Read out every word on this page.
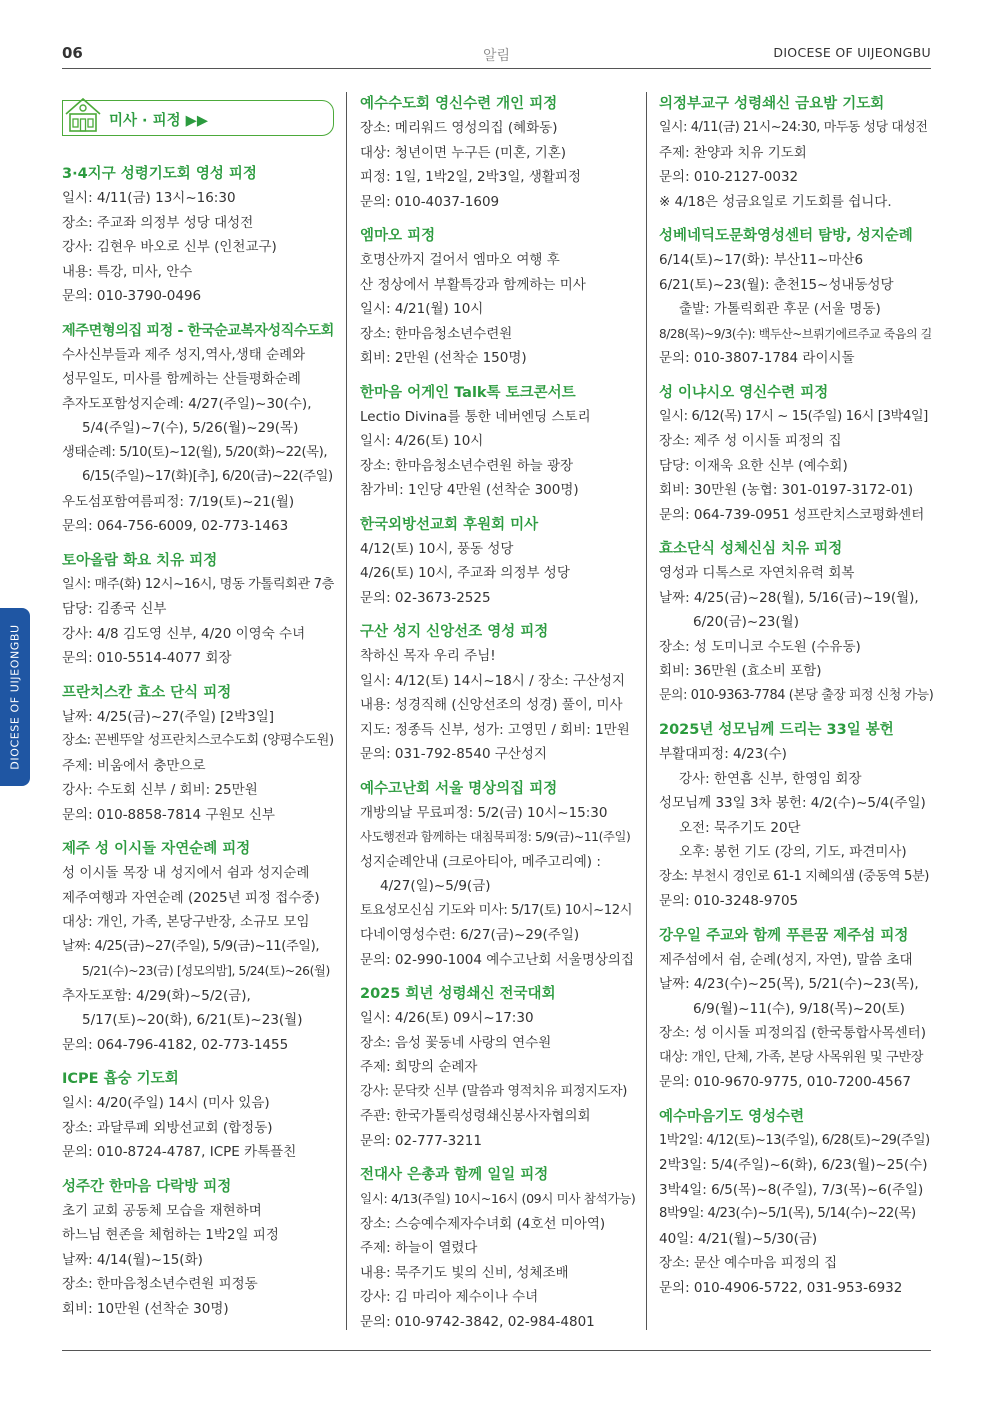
06	알림	DIOCESE OF UIJEONGBU
DIOCESE OF UIJEONGBU
미사 · 피정 ▶▶

3·4지구 성령기도회 영성 피정

일시: 4/11(금) 13시~16:30

장소: 주교좌 의정부 성당 대성전

강사: 김현우 바오로 신부 (인천교구)

내용: 특강, 미사, 안수

문의: 010-3790-0496

제주면형의집 피정 - 한국순교복자성직수도회

수사신부들과 제주 성지,역사,생태 순례와

성무일도, 미사를 함께하는 산들평화순례

추자도포함성지순례: 4/27(주일)~30(수),

5/4(주일)~7(수), 5/26(월)~29(목)

생태순례: 5/10(토)~12(월), 5/20(화)~22(목),

6/15(주일)~17(화)[추], 6/20(금)~22(주일)

우도섬포함여름피정: 7/19(토)~21(월)

문의: 064-756-6009, 02-773-1463

토아올람 화요 치유 피정

일시: 매주(화) 12시~16시, 명동 가톨릭회관 7층

담당: 김종국 신부

강사: 4/8 김도영 신부, 4/20 이영숙 수녀

문의: 010-5514-4077 회장

프란치스칸 효소 단식 피정

날짜: 4/25(금)~27(주일) [2박3일]

장소: 꼰벤뚜알 성프란치스코수도회 (양평수도원)

주제: 비움에서 충만으로

강사: 수도회 신부 / 회비: 25만원

문의: 010-8858-7814 구원모 신부

제주 성 이시돌 자연순례 피정

성 이시돌 목장 내 성지에서 쉼과 성지순례

제주여행과 자연순례 (2025년 피정 접수중)

대상: 개인, 가족, 본당구반장, 소규모 모임

날짜: 4/25(금)~27(주일), 5/9(금)~11(주일),

5/21(수)~23(금) [성모의밤], 5/24(토)~26(월)

추자도포함: 4/29(화)~5/2(금),

5/17(토)~20(화), 6/21(토)~23(월)

문의: 064-796-4182, 02-773-1455

ICPE 흡숭 기도회

일시: 4/20(주일) 14시 (미사 있음)

장소: 과달루페 외방선교회 (합정동)

문의: 010-8724-4787, ICPE 카톡플친

성주간 한마음 다락방 피정

초기 교회 공동체 모습을 재현하며

하느님 현존을 체험하는 1박2일 피정

날짜: 4/14(월)~15(화)

장소: 한마음청소년수련원 피정동

회비: 10만원 (선착순 30명)

예수수도회 영신수련 개인 피정

장소: 메리워드 영성의집 (혜화동)

대상: 청년이면 누구든 (미혼, 기혼)

피정: 1일, 1박2일, 2박3일, 생활피정

문의: 010-4037-1609

엠마오 피정

호명산까지 걸어서 엠마오 여행 후

산 정상에서 부활특강과 함께하는 미사

일시: 4/21(월) 10시

장소: 한마음청소년수련원

회비: 2만원 (선착순 150명)

한마음 어게인 Talk톡 토크콘서트

Lectio Divina를 통한 네버엔딩 스토리

일시: 4/26(토) 10시

장소: 한마음청소년수련원 하늘 광장

참가비: 1인당 4만원 (선착순 300명)

한국외방선교회 후원회 미사

4/12(토) 10시, 풍동 성당

4/26(토) 10시, 주교좌 의정부 성당

문의: 02-3673-2525

구산 성지 신앙선조 영성 피정

착하신 목자 우리 주님!

일시: 4/12(토) 14시~18시 / 장소: 구산성지

내용: 성경직해 (신앙선조의 성경) 풀이, 미사

지도: 정종득 신부, 성가: 고영민 / 회비: 1만원

문의: 031-792-8540 구산성지

예수고난회 서울 명상의집 피정

개방의날 무료피정: 5/2(금) 10시~15:30

사도행전과 함께하는 대침묵피정: 5/9(금)~11(주일)

성지순례안내 (크로아티아, 메주고리예) :

4/27(일)~5/9(금)

토요성모신심 기도와 미사: 5/17(토) 10시~12시

다네이영성수련: 6/27(금)~29(주일)

문의: 02-990-1004 예수고난회 서울명상의집

2025 희년 성령쇄신 전국대회

일시: 4/26(토) 09시~17:30

장소: 음성 꽃동네 사랑의 연수원

주제: 희망의 순례자

강사: 문닥캇 신부 (말씀과 영적치유 피정지도자)

주관: 한국가톨릭성령쇄신봉사자협의회

문의: 02-777-3211

전대사 은총과 함께 일일 피정

일시: 4/13(주일) 10시~16시 (09시 미사 참석가능)

장소: 스승예수제자수녀회 (4호선 미아역)

주제: 하늘이 열렸다

내용: 묵주기도 빛의 신비, 성체조배

강사: 김 마리아 제수이나 수녀

문의: 010-9742-3842, 02-984-4801

의정부교구 성령쇄신 금요밤 기도회

일시: 4/11(금) 21시~24:30, 마두동 성당 대성전

주제: 찬양과 치유 기도회

문의: 010-2127-0032

※ 4/18은 성금요일로 기도회를 쉽니다.

성베네딕도문화영성센터 탐방, 성지순례

6/14(토)~17(화): 부산11~마산6

6/21(토)~23(월): 춘천15~성내동성당

출발: 가톨릭회관 후문 (서울 명동)

8/28(목)~9/3(수): 백두산~브뤼기에르주교 죽음의 길

문의: 010-3807-1784 라이시돌

성 이냐시오 영신수련 피정

일시: 6/12(목) 17시 ~ 15(주일) 16시 [3박4일]

장소: 제주 성 이시돌 피정의 집

담당: 이재욱 요한 신부 (예수회)

회비: 30만원 (농협: 301-0197-3172-01)

문의: 064-739-0951 성프란치스코평화센터

효소단식 성체신심 치유 피정

영성과 디톡스로 자연치유력 회복

날짜: 4/25(금)~28(월), 5/16(금)~19(월),

6/20(금)~23(월)

장소: 성 도미니코 수도원 (수유동)

회비: 36만원 (효소비 포함)

문의: 010-9363-7784 (본당 출장 피정 신청 가능)

2025년 성모님께 드리는 33일 봉헌

부활대피정: 4/23(수)

강사: 한연흠 신부, 한영임 회장

성모님께 33일 3차 봉헌: 4/2(수)~5/4(주일)

오전: 묵주기도 20단

오후: 봉헌 기도 (강의, 기도, 파견미사)

장소: 부천시 경인로 61-1 지혜의샘 (중동역 5분)

문의: 010-3248-9705

강우일 주교와 함께 푸른꿈 제주섬 피정

제주섬에서 쉼, 순례(성지, 자연), 말씀 초대

날짜: 4/23(수)~25(목), 5/21(수)~23(목),

6/9(월)~11(수), 9/18(목)~20(토)

장소: 성 이시돌 피정의집 (한국통합사목센터)

대상: 개인, 단체, 가족, 본당 사목위원 및 구반장

문의: 010-9670-9775, 010-7200-4567

예수마음기도 영성수련

1박2일: 4/12(토)~13(주일), 6/28(토)~29(주일)

2박3일: 5/4(주일)~6(화), 6/23(월)~25(수)

3박4일: 6/5(목)~8(주일), 7/3(목)~6(주일)

8박9일: 4/23(수)~5/1(목), 5/14(수)~22(목)

40일: 4/21(월)~5/30(금)

장소: 문산 예수마음 피정의 집

문의: 010-4906-5722, 031-953-6932
